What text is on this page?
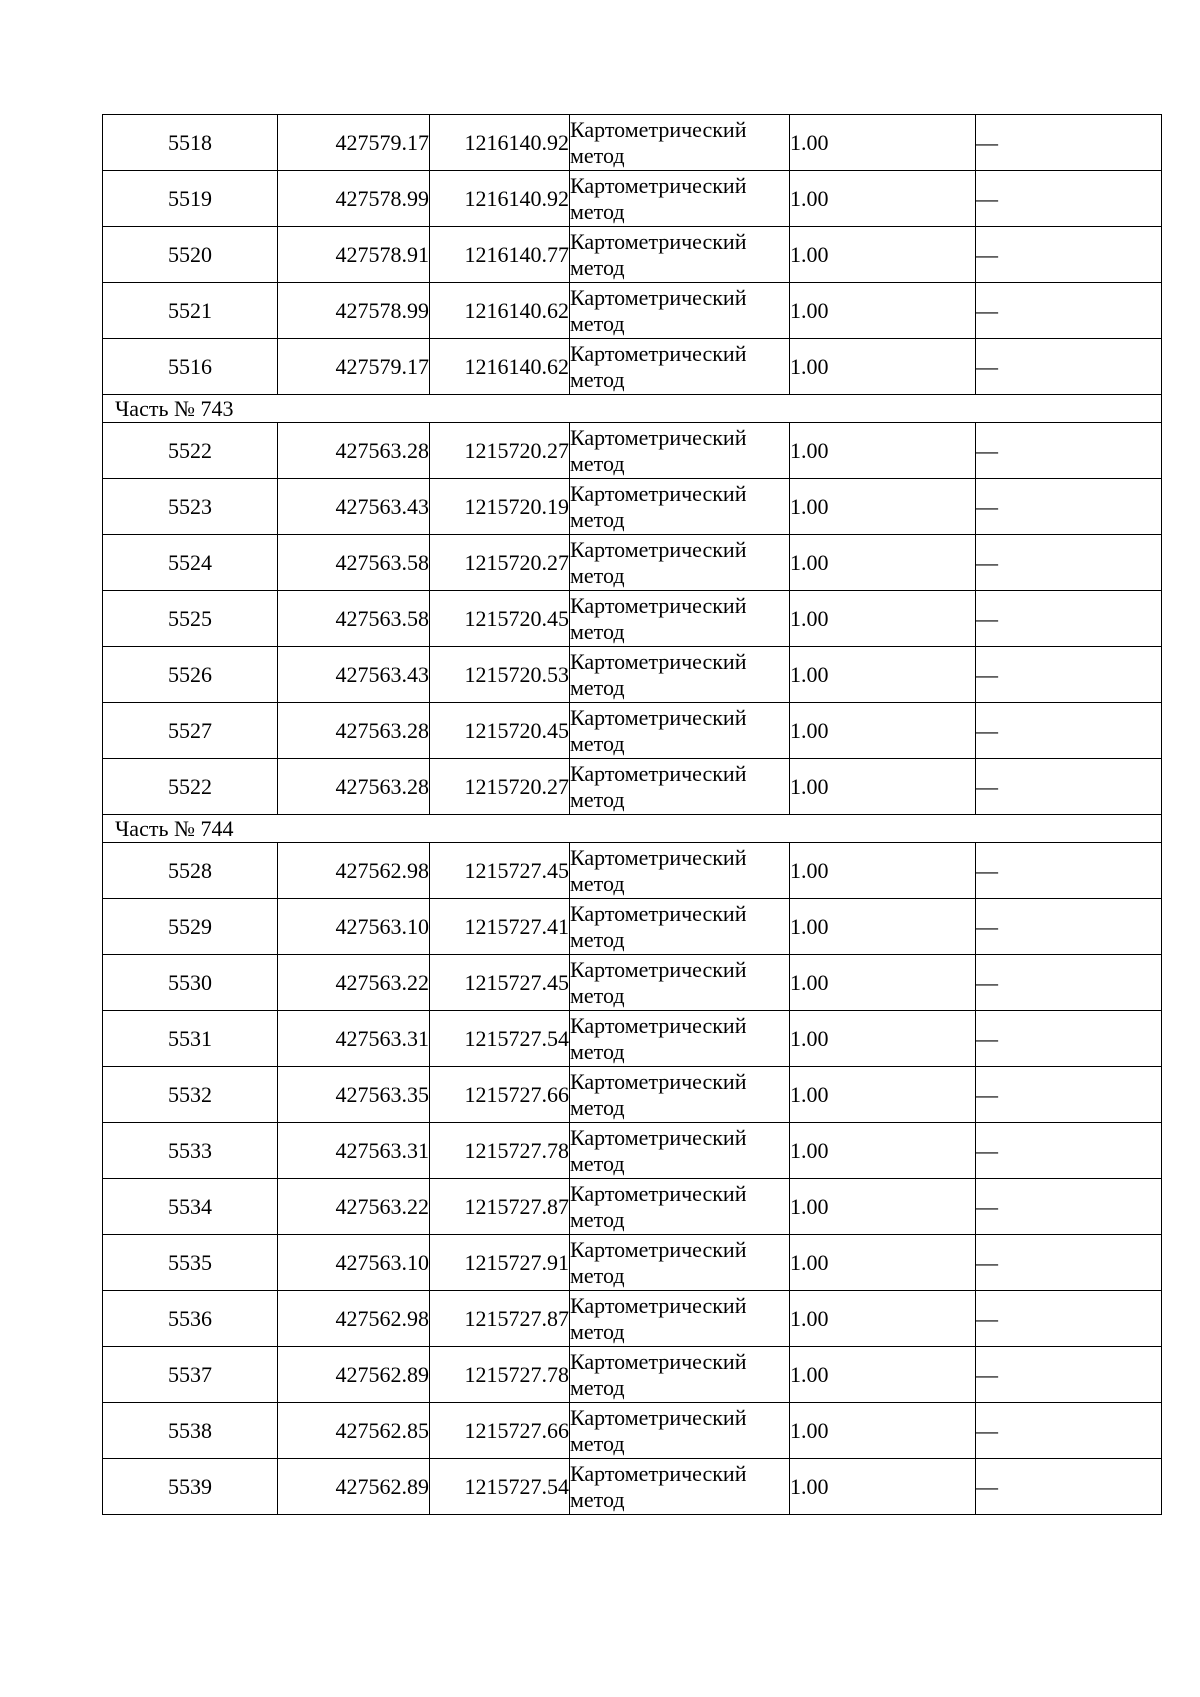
5518	427579.17	1216140.92	Картометрический метод	1.00	—
5519	427578.99	1216140.92	Картометрический метод	1.00	—
5520	427578.91	1216140.77	Картометрический метод	1.00	—
5521	427578.99	1216140.62	Картометрический метод	1.00	—
5516	427579.17	1216140.62	Картометрический метод	1.00	—
Часть № 743					
5522	427563.28	1215720.27	Картометрический метод	1.00	—
5523	427563.43	1215720.19	Картометрический метод	1.00	—
5524	427563.58	1215720.27	Картометрический метод	1.00	—
5525	427563.58	1215720.45	Картометрический метод	1.00	—
5526	427563.43	1215720.53	Картометрический метод	1.00	—
5527	427563.28	1215720.45	Картометрический метод	1.00	—
5522	427563.28	1215720.27	Картометрический метод	1.00	—
Часть № 744					
5528	427562.98	1215727.45	Картометрический метод	1.00	—
5529	427563.10	1215727.41	Картометрический метод	1.00	—
5530	427563.22	1215727.45	Картометрический метод	1.00	—
5531	427563.31	1215727.54	Картометрический метод	1.00	—
5532	427563.35	1215727.66	Картометрический метод	1.00	—
5533	427563.31	1215727.78	Картометрический метод	1.00	—
5534	427563.22	1215727.87	Картометрический метод	1.00	—
5535	427563.10	1215727.91	Картометрический метод	1.00	—
5536	427562.98	1215727.87	Картометрический метод	1.00	—
5537	427562.89	1215727.78	Картометрический метод	1.00	—
5538	427562.85	1215727.66	Картометрический метод	1.00	—
5539	427562.89	1215727.54	Картометрический метод	1.00	—
